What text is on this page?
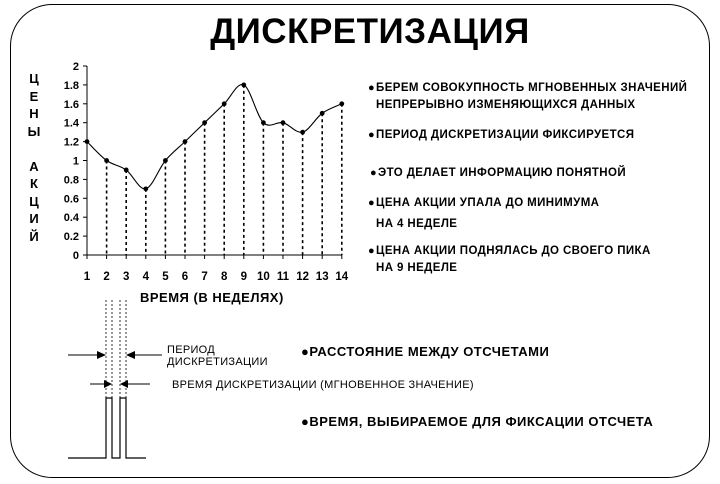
ДИСКРЕТИЗАЦИЯ
Ц
Е
Н
Ы

А
К
Ц
И
Й
0
0.2
0.4
0.6
0.8
1
1.2
1.4
1.6
1.8
2
1 2 3 4 5 6 7 8 9 10 11 12 13 14
ВРЕМЯ (В НЕДЕЛЯХ)
●БЕРЕМ СОВОКУПНОСТЬ МГНОВЕННЫХ ЗНАЧЕНИЙ
НЕПРЕРЫВНО ИЗМЕНЯЮЩИХСЯ ДАННЫХ
●ПЕРИОД ДИСКРЕТИЗАЦИИ ФИКСИРУЕТСЯ
●ЭТО ДЕЛАЕТ ИНФОРМАЦИЮ ПОНЯТНОЙ
●ЦЕНА АКЦИИ УПАЛА ДО МИНИМУМА
НА 4 НЕДЕЛЕ
●ЦЕНА АКЦИИ ПОДНЯЛАСЬ ДО СВОЕГО ПИКА
НА 9 НЕДЕЛЕ
ПЕРИОД
ДИСКРЕТИЗАЦИИ
ВРЕМЯ ДИСКРЕТИЗАЦИИ (МГНОВЕННОЕ ЗНАЧЕНИЕ)
●РАССТОЯНИЕ МЕЖДУ ОТСЧЕТАМИ
●ВРЕМЯ, ВЫБИРАЕМОЕ ДЛЯ ФИКСАЦИИ ОТСЧЕТА
